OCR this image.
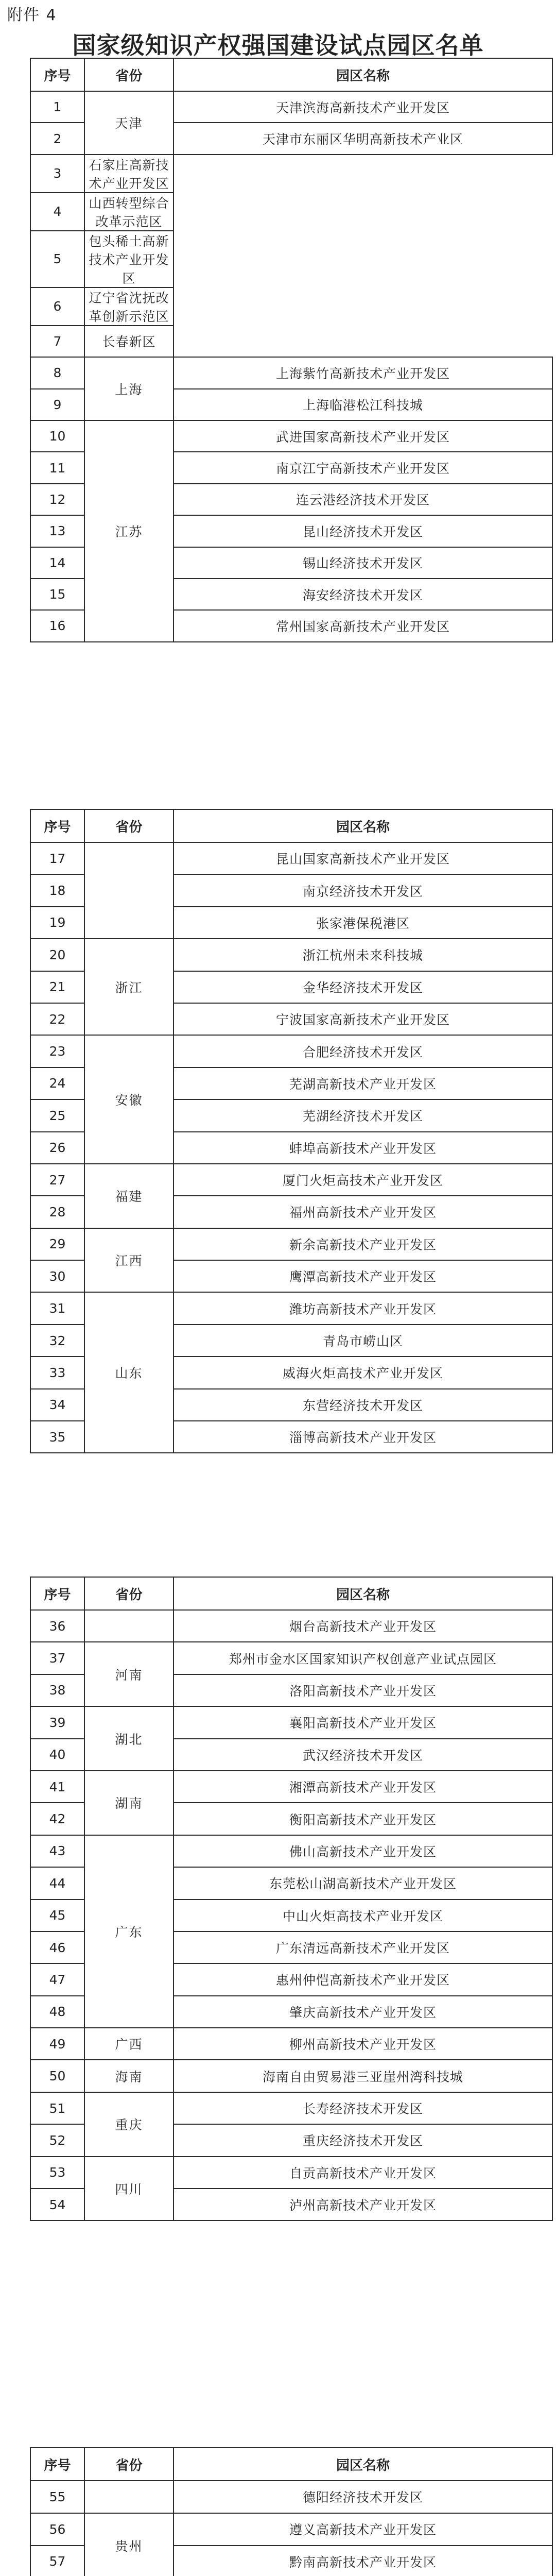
附件 4
国家级知识产权强国建设试点园区名单
序号	省份	园区名称
1	天津	天津滨海高新技术产业开发区
2		天津市东丽区华明高新技术产业区
3	石家庄高新技术产业开发区	
4	山西转型综合改革示范区	
5	包头稀土高新技术产业开发区	
6	辽宁省沈抚改革创新示范区	
7	长春新区	
8	上海	上海紫竹高新技术产业开发区
9		上海临港松江科技城
10	江苏	武进国家高新技术产业开发区
11		南京江宁高新技术产业开发区
12		连云港经济技术开发区
13		昆山经济技术开发区
14		锡山经济技术开发区
15		海安经济技术开发区
16		常州国家高新技术产业开发区
序号	省份	园区名称
17		昆山国家高新技术产业开发区
18		南京经济技术开发区
19		张家港保税港区
20	浙江	浙江杭州未来科技城
21		金华经济技术开发区
22		宁波国家高新技术产业开发区
23	安徽	合肥经济技术开发区
24		芜湖高新技术产业开发区
25		芜湖经济技术开发区
26		蚌埠高新技术产业开发区
27	福建	厦门火炬高技术产业开发区
28		福州高新技术产业开发区
29	江西	新余高新技术产业开发区
30		鹰潭高新技术产业开发区
31	山东	潍坊高新技术产业开发区
32		青岛市崂山区
33		威海火炬高技术产业开发区
34		东营经济技术开发区
35		淄博高新技术产业开发区
序号	省份	园区名称
36		烟台高新技术产业开发区
37	河南	郑州市金水区国家知识产权创意产业试点园区
38		洛阳高新技术产业开发区
39	湖北	襄阳高新技术产业开发区
40		武汉经济技术开发区
41	湖南	湘潭高新技术产业开发区
42		衡阳高新技术产业开发区
43	广东	佛山高新技术产业开发区
44		东莞松山湖高新技术产业开发区
45		中山火炬高技术产业开发区
46		广东清远高新技术产业开发区
47		惠州仲恺高新技术产业开发区
48		肇庆高新技术产业开发区
49	广西	柳州高新技术产业开发区
50	海南	海南自由贸易港三亚崖州湾科技城
51	重庆	长寿经济技术开发区
52		重庆经济技术开发区
53	四川	自贡高新技术产业开发区
54		泸州高新技术产业开发区
序号	省份	园区名称
55		德阳经济技术开发区
56	贵州	遵义高新技术产业开发区
57		黔南高新技术产业开发区
